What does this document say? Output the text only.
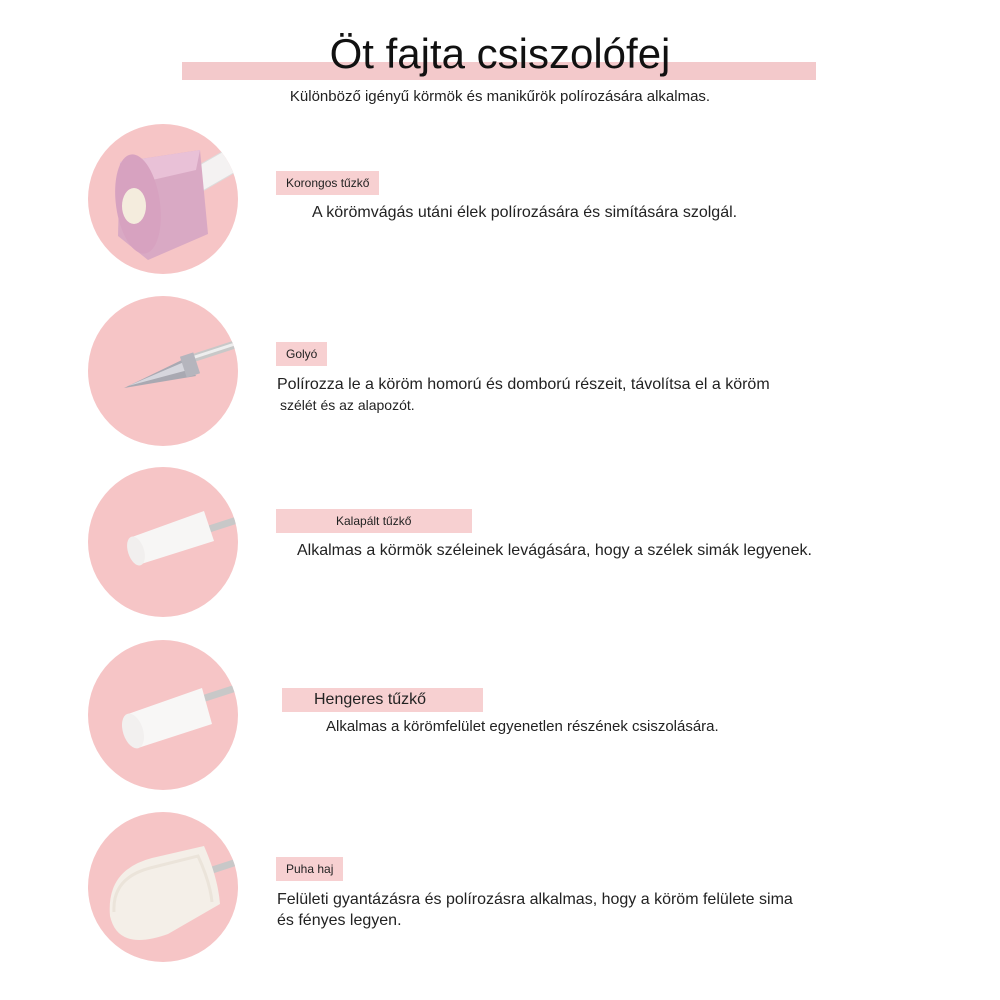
Öt fajta csiszolófej
Különböző igényű körmök és manikűrök polírozására alkalmas.
Korongos tűzkő
A körömvágás utáni élek polírozására és simítására szolgál.
Golyó
Polírozza le a köröm homorú és domború részeit, távolítsa el a köröm
szélét és az alapozót.
Kalapált tűzkő
Alkalmas a körmök széleinek levágására, hogy a szélek simák legyenek.
Hengeres tűzkő
Alkalmas a körömfelület egyenetlen részének csiszolására.
Puha haj
Felületi gyantázásra és polírozásra alkalmas, hogy a köröm felülete sima
és fényes legyen.
